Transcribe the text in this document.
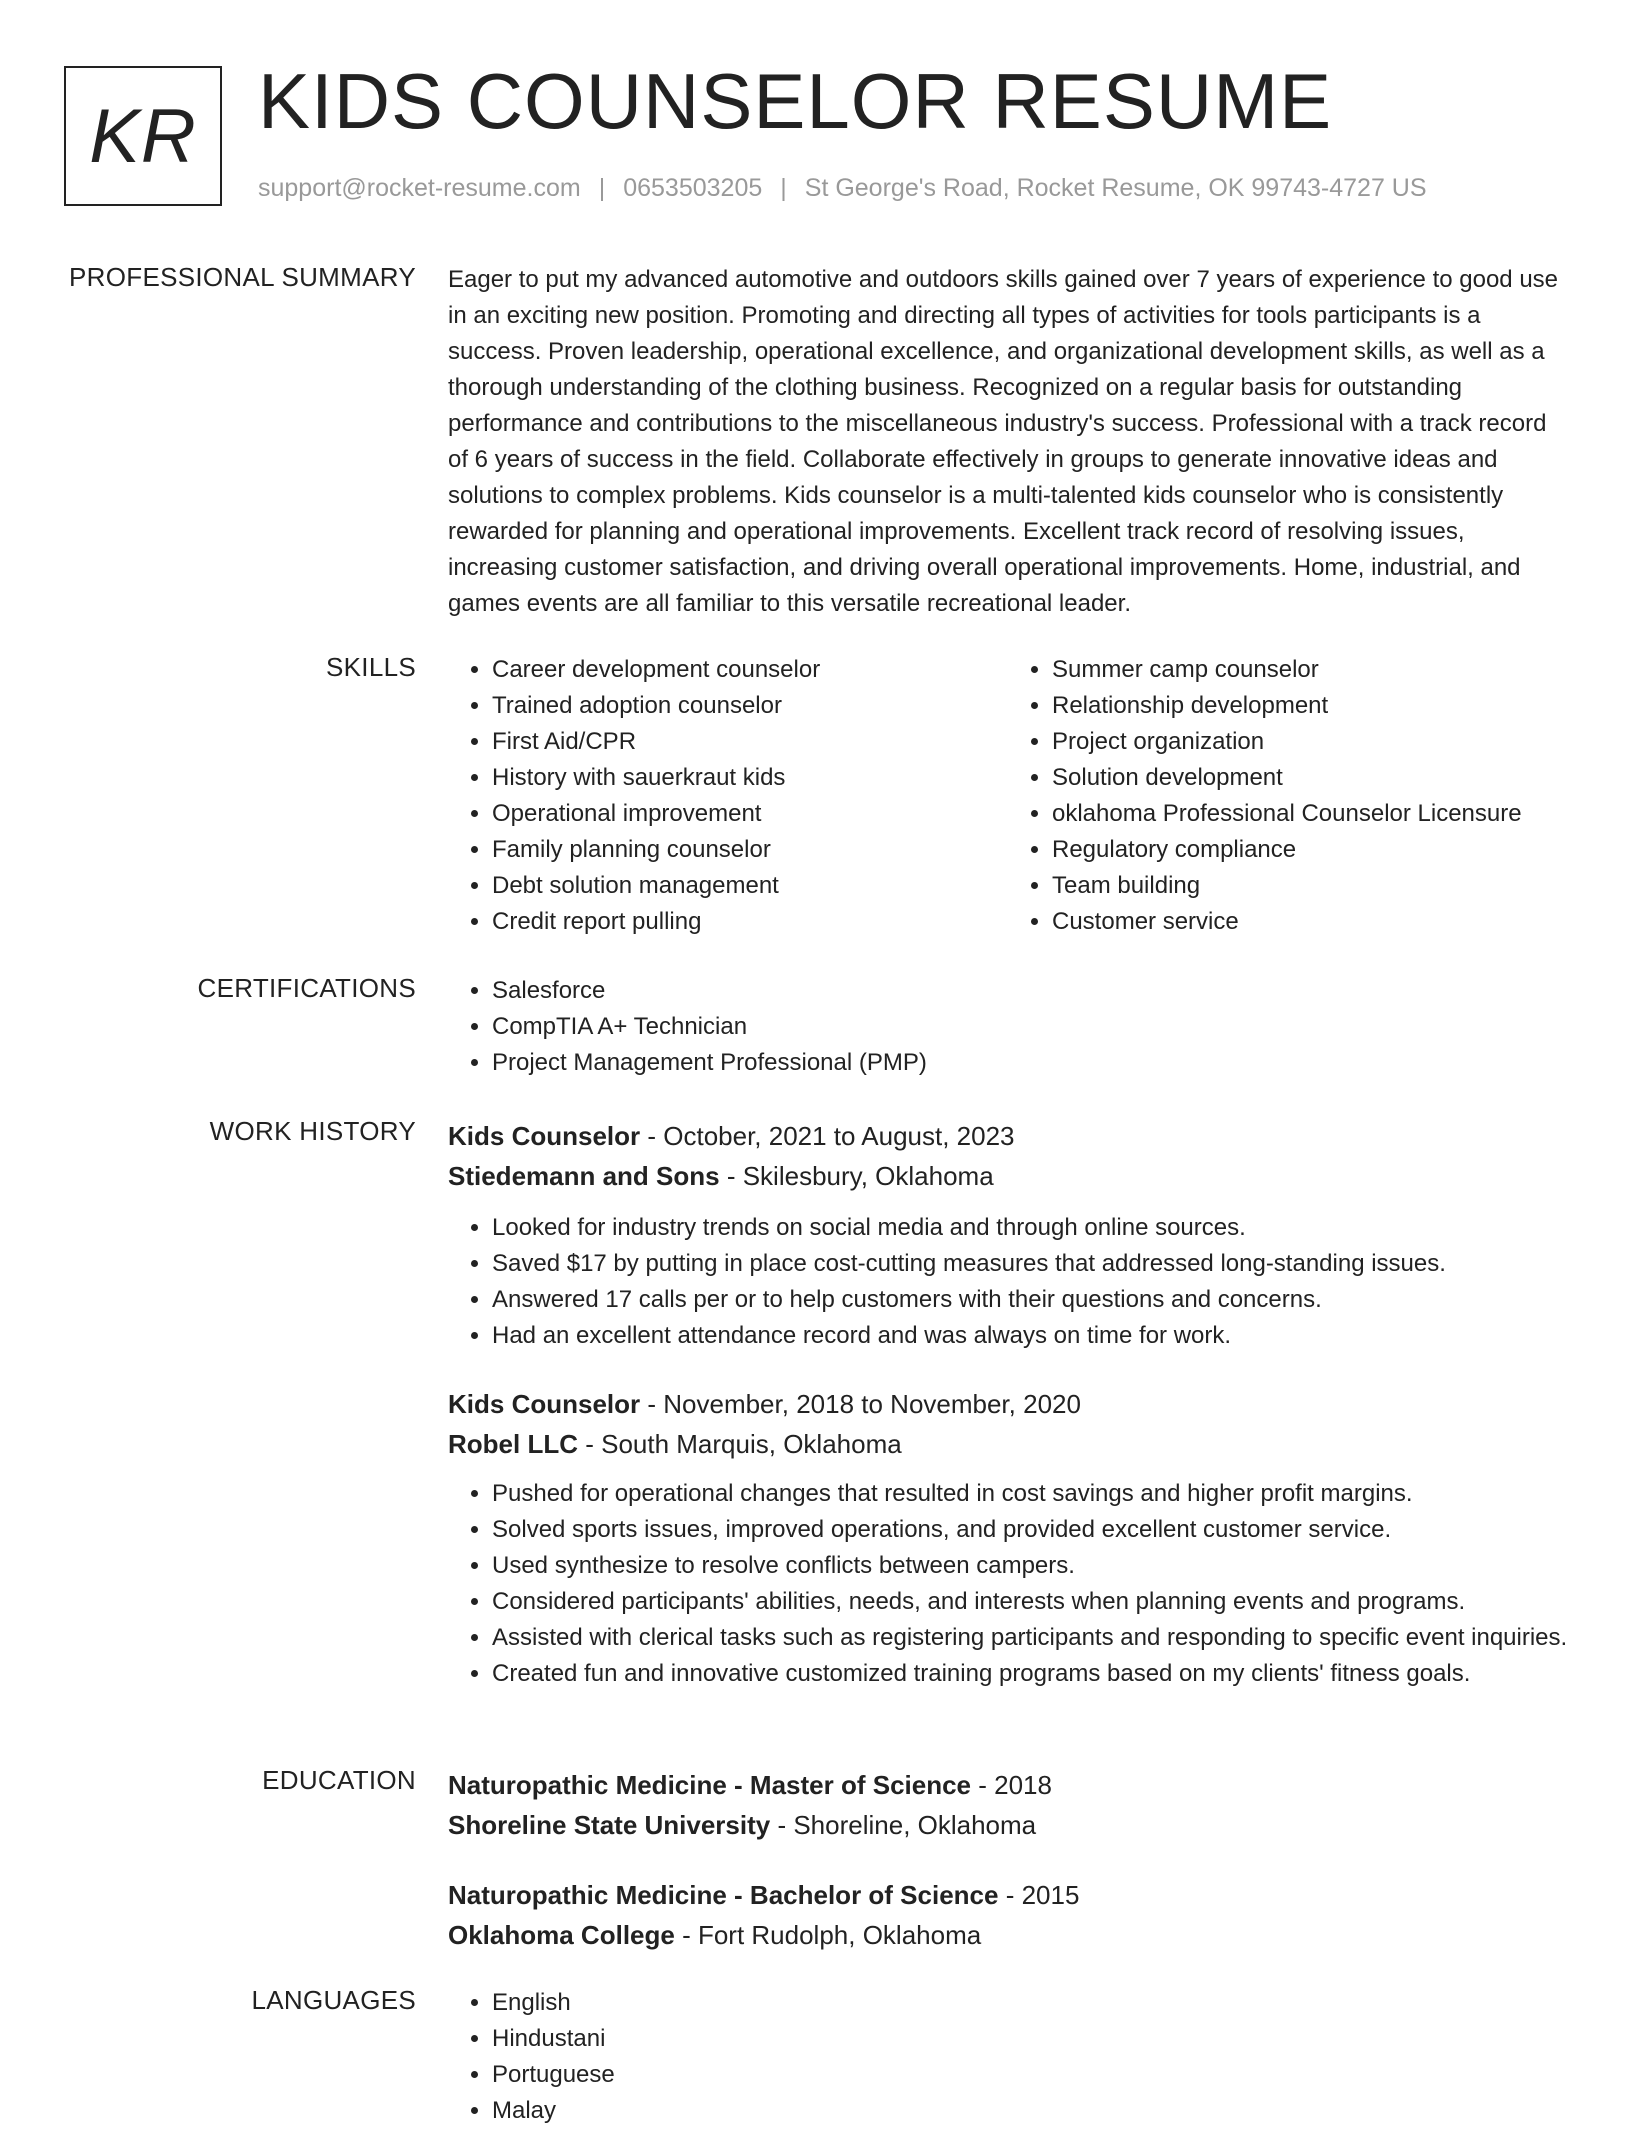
KR KIDS COUNSELOR RESUME
support@rocket-resume.com | 0653503205 | St George's Road, Rocket Resume, OK 99743-4727 US
PROFESSIONAL SUMMARY Eager to put my advanced automotive and outdoors skills gained over 7 years of experience to good use in an exciting new position. Promoting and directing all types of activities for tools participants is a success. Proven leadership, operational excellence, and organizational development skills, as well as a thorough understanding of the clothing business. Recognized on a regular basis for outstanding performance and contributions to the miscellaneous industry's success. Professional with a track record of 6 years of success in the field. Collaborate effectively in groups to generate innovative ideas and solutions to complex problems. Kids counselor is a multi-talented kids counselor who is consistently rewarded for planning and operational improvements. Excellent track record of resolving issues, increasing customer satisfaction, and driving overall operational improvements. Home, industrial, and games events are all familiar to this versatile recreational leader.

SKILLS	• Career development counselor
• Trained adoption counselor
• First Aid/CPR
• History with sauerkraut kids
• Operational improvement
• Family planning counselor
• Debt solution management
• Credit report pulling
• Summer camp counselor
• Relationship development
• Project organization
• Solution development
• oklahoma Professional Counselor Licensure
• Regulatory compliance
• Team building
• Customer service
CERTIFICATIONS	• Salesforce
• CompTIA A+ Technician
• Project Management Professional (PMP)
WORK HISTORY Kids Counselor - October, 2021 to August, 2023
Stiedemann and Sons - Skilesbury, Oklahoma
• Looked for industry trends on social media and through online sources.
• Saved $17 by putting in place cost-cutting measures that addressed long-standing issues.
• Answered 17 calls per or to help customers with their questions and concerns.
• Had an excellent attendance record and was always on time for work.
Kids Counselor - November, 2018 to November, 2020
Robel LLC - South Marquis, Oklahoma
• Pushed for operational changes that resulted in cost savings and higher profit margins.
• Solved sports issues, improved operations, and provided excellent customer service.
• Used synthesize to resolve conflicts between campers.
• Considered participants' abilities, needs, and interests when planning events and programs.
• Assisted with clerical tasks such as registering participants and responding to specific event inquiries.
• Created fun and innovative customized training programs based on my clients' fitness goals.
EDUCATION Naturopathic Medicine - Master of Science - 2018
Shoreline State University - Shoreline, Oklahoma
Naturopathic Medicine - Bachelor of Science - 2015
Oklahoma College - Fort Rudolph, Oklahoma
LANGUAGES	• English
• Hindustani
• Portuguese
• Malay
